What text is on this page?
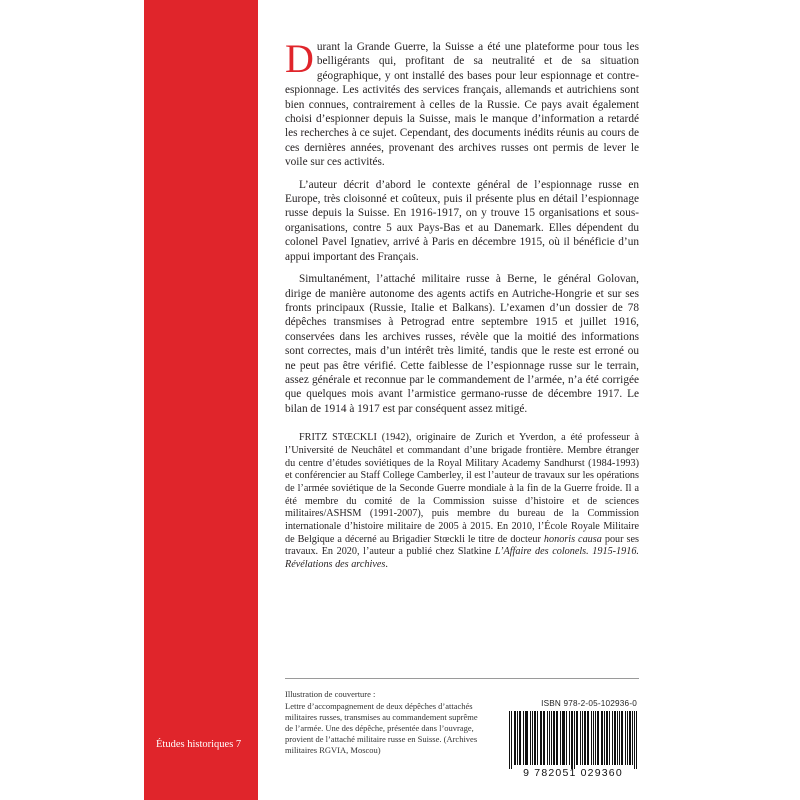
Études historiques 7

Durant la Grande Guerre, la Suisse a été une plateforme pour tous les belligérants qui, profitant de sa neutralité et de sa situation géographique, y ont installé des bases pour leur espionnage et contre-espionnage. Les activités des services français, allemands et autrichiens sont bien connues, contrairement à celles de la Russie. Ce pays avait également choisi d’espionner depuis la Suisse, mais le manque d’information a retardé les recherches à ce sujet. Cependant, des documents inédits réunis au cours de ces dernières années, provenant des archives russes ont permis de lever le voile sur ces activités.

L’auteur décrit d’abord le contexte général de l’espionnage russe en Europe, très cloisonné et coûteux, puis il présente plus en détail l’espionnage russe depuis la Suisse. En 1916-1917, on y trouve 15 organisations et sous-organisations, contre 5 aux Pays-Bas et au Danemark. Elles dépendent du colonel Pavel Ignatiev, arrivé à Paris en décembre 1915, où il bénéficie d’un appui important des Français.

Simultanément, l’attaché militaire russe à Berne, le général Golovan, dirige de manière autonome des agents actifs en Autriche-Hongrie et sur ses fronts principaux (Russie, Italie et Balkans). L’examen d’un dossier de 78 dépêches transmises à Petrograd entre septembre 1915 et juillet 1916, conservées dans les archives russes, révèle que la moitié des informations sont correctes, mais d’un intérêt très limité, tandis que le reste est erroné ou ne peut pas être vérifié. Cette faiblesse de l’espionnage russe sur le terrain, assez générale et reconnue par le commandement de l’armée, n’a été corrigée que quelques mois avant l’armistice germano-russe de décembre 1917. Le bilan de 1914 à 1917 est par conséquent assez mitigé.

FRITZ STŒCKLI (1942), originaire de Zurich et Yverdon, a été professeur à l’Université de Neuchâtel et commandant d’une brigade frontière. Membre étranger du centre d’études soviétiques de la Royal Military Academy Sandhurst (1984-1993) et conférencier au Staff College Camberley, il est l’auteur de travaux sur les opérations de l’armée soviétique de la Seconde Guerre mondiale à la fin de la Guerre froide. Il a été membre du comité de la Commission suisse d’histoire et de sciences militaires/ASHSM (1991-2007), puis membre du bureau de la Commission internationale d’histoire militaire de 2005 à 2015. En 2010, l’École Royale Militaire de Belgique a décerné au Brigadier Stœckli le titre de docteur honoris causa pour ses travaux. En 2020, l’auteur a publié chez Slatkine L’Affaire des colonels. 1915-1916. Révélations des archives.

Illustration de couverture :
Lettre d’accompagnement de deux dépêches d’attachés militaires russes, transmises au commandement suprême de l’armée. Une des dépêche, présentée dans l’ouvrage, provient de l’attaché militaire russe en Suisse. (Archives militaires RGVIA, Moscou)
ISBN 978-2-05-102936-0
9 782051 029360
